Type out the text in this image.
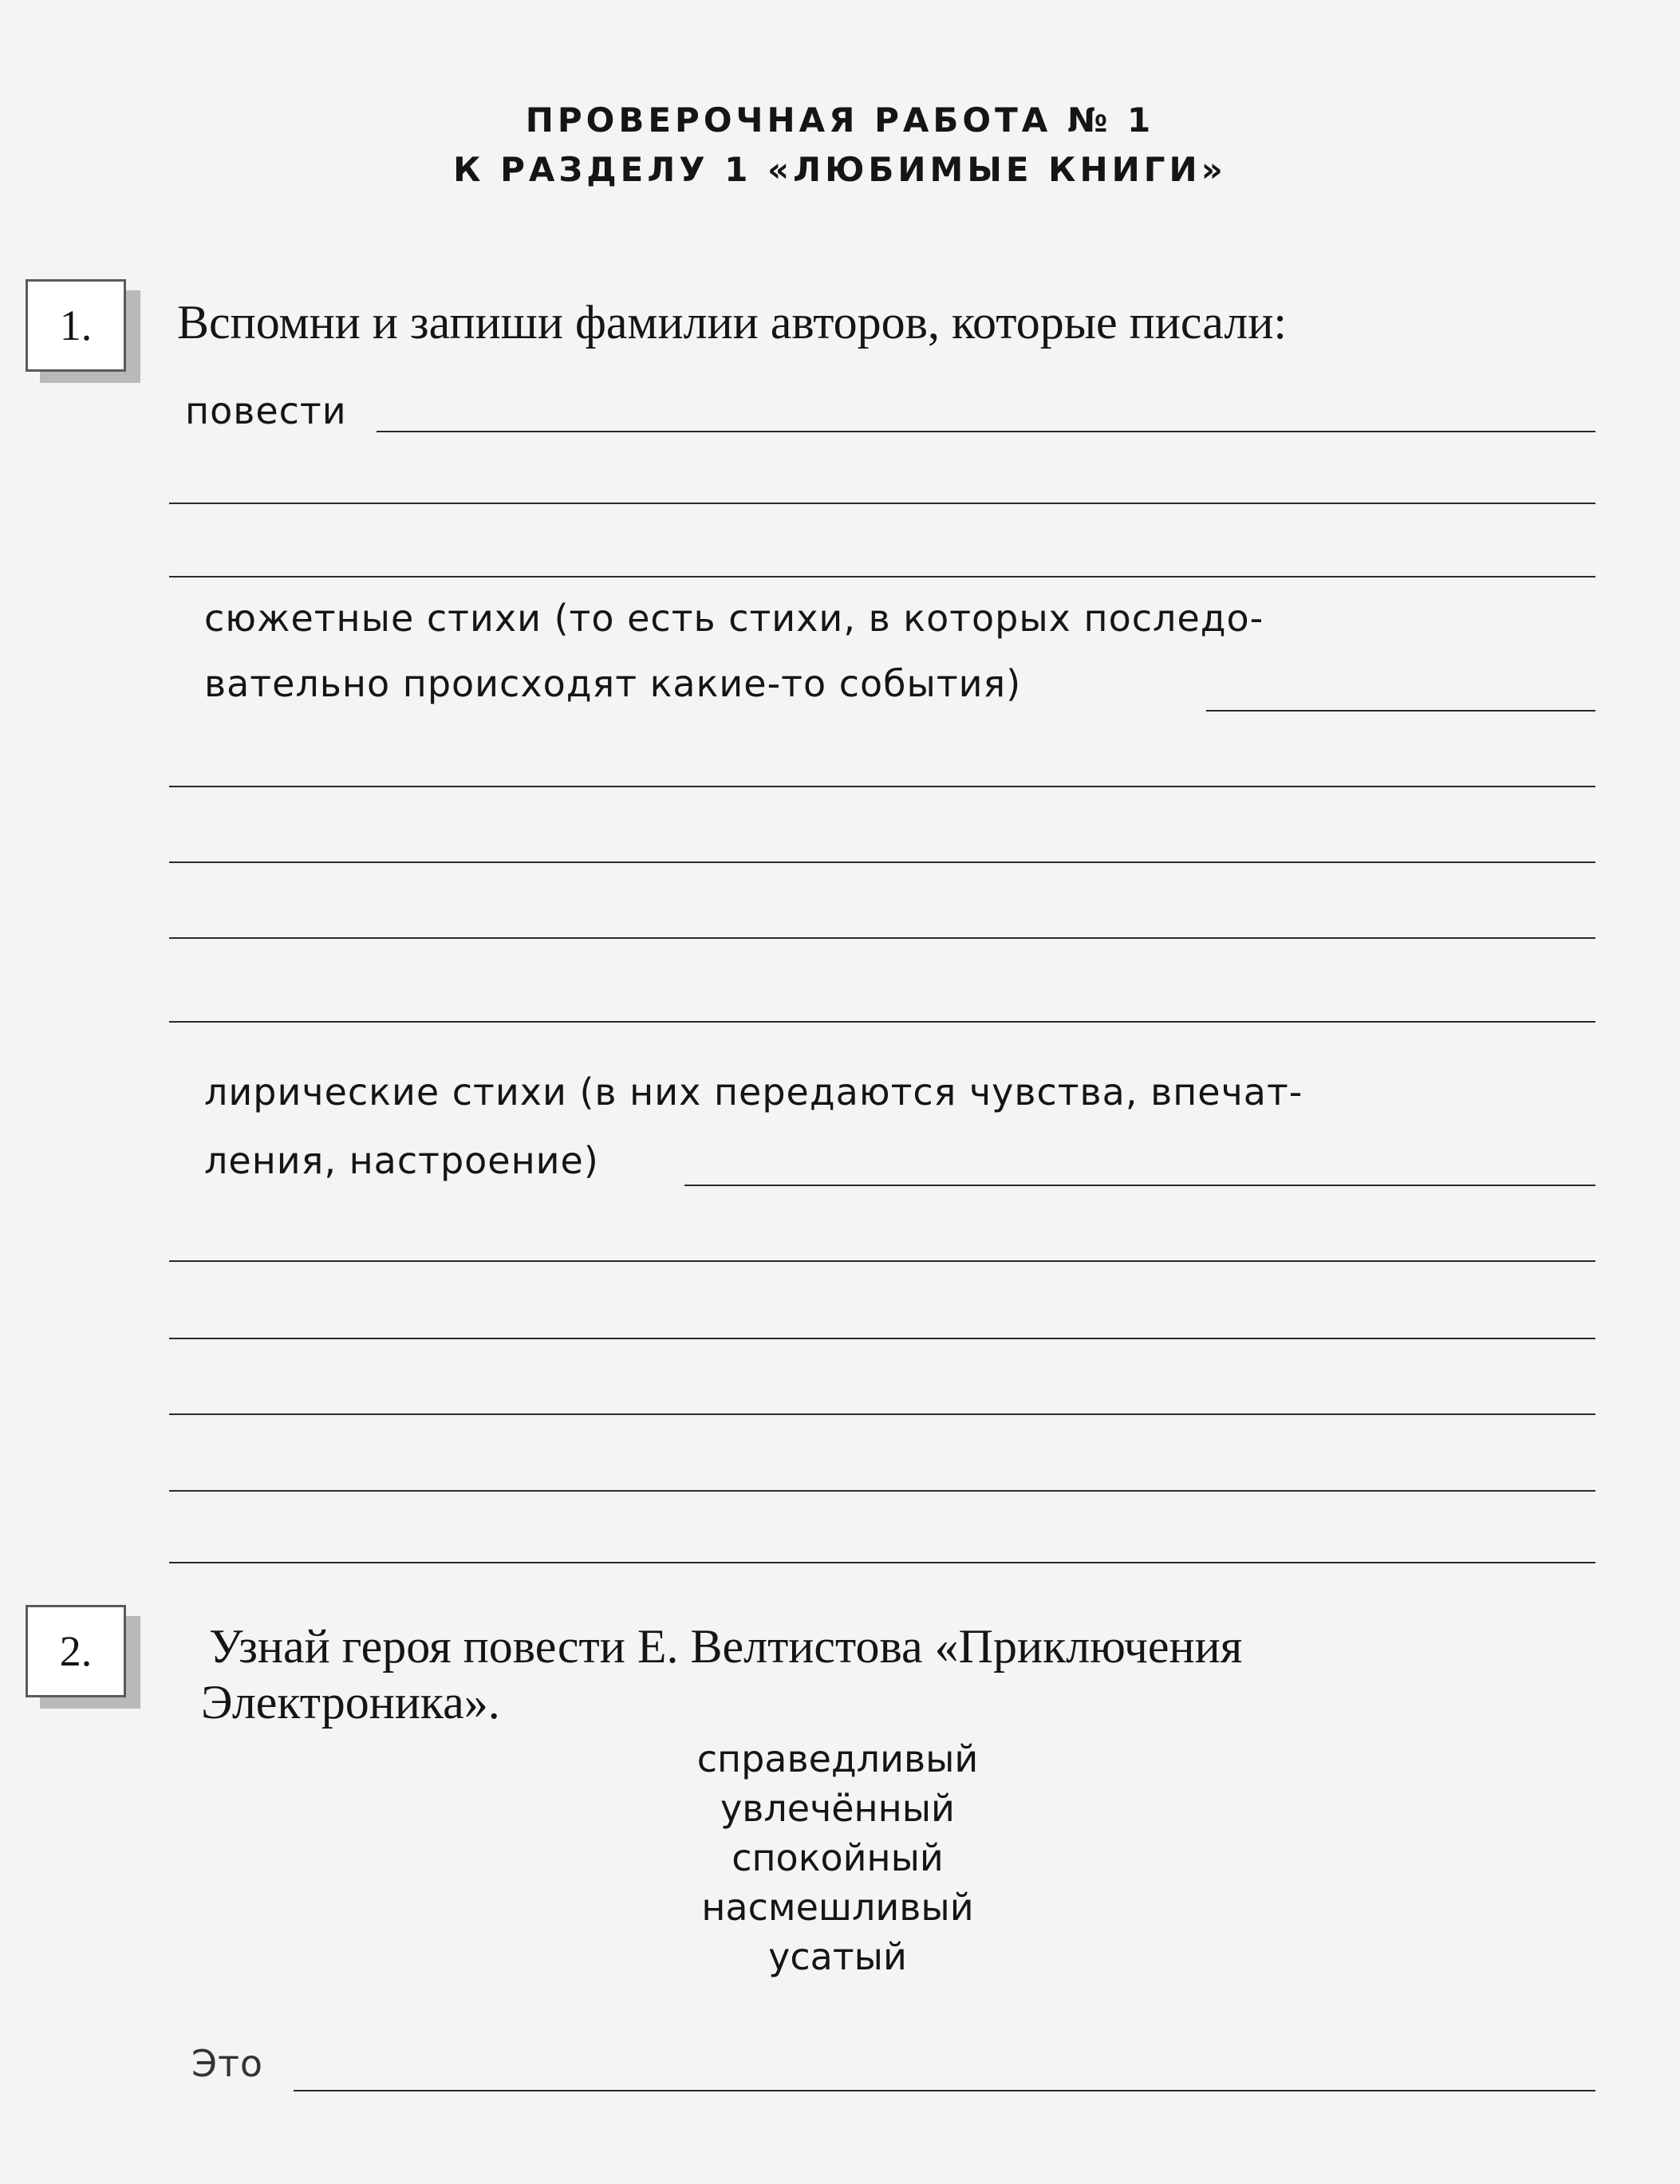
ПРОВЕРОЧНАЯ РАБОТА № 1
К РАЗДЕЛУ 1 «ЛЮБИМЫЕ КНИГИ»
1. Вспомни и запиши фамилии авторов, которые писали:

повести

сюжетные стихи (то есть стихи, в которых последо-

вательно происходят какие-то события)

лирические стихи (в них передаются чувства, впечат-

ления, настроение)

2. Узнай героя повести Е. Велтистова «Приключения

Электроника».

справедливый
увлечённый
спокойный
насмешливый
усатый

Это
